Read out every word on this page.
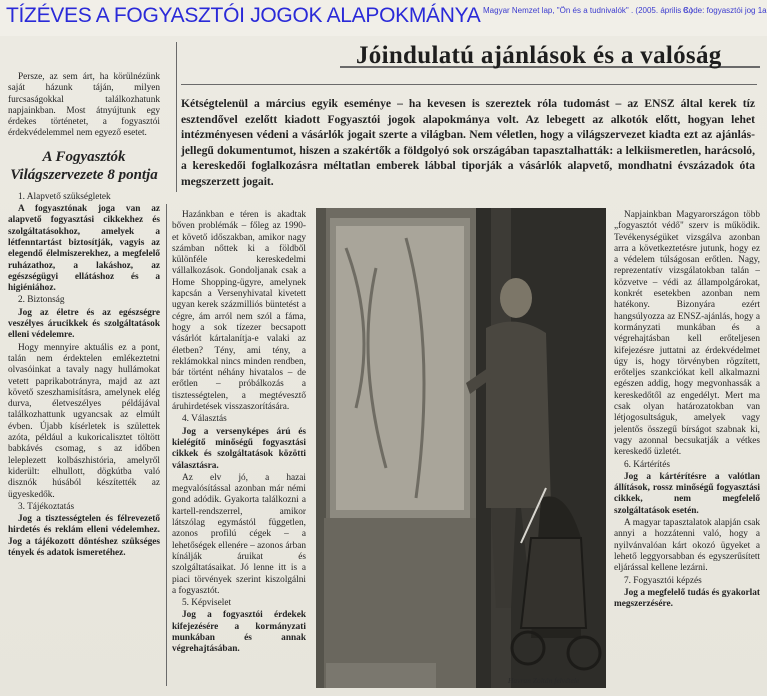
TÍZÉVES A FOGYASZTÓI JOGOK ALAPOKMÁNYA Magyar Nemzet lap, "Ön és a tudnivalók" . (2005. április 8.)
Code: fogyasztói jog 1a
Jóindulatú ajánlások és a valóság

Kétségtelenül a március egyik eseménye – ha kevesen is szereztek róla tudomást – az ENSZ által kerek tíz esztendővel ezelőtt kiadott Fogyasztói jogok alapokmánya volt. Az lebegett az alkotók előtt, hogyan lehet intézményesen védeni a vásárlók jogait szerte a világban. Nem véletlen, hogy a világszervezet kiadta ezt az ajánlás-jellegű dokumentumot, hiszen a szakértők a földgolyó sok országában tapasztalhatták: a lelkiismeretlen, harácsoló, a kereskedői foglalkozásra méltatlan emberek lábbal tiporják a vásárlók alapvető, mondhatni évszázadok óta megszerzett jogait.

Persze, az sem árt, ha körülnézünk saját házunk táján, milyen furcsaságokkal találkozhatunk napjainkban. Most átnyújtunk egy érdekes történetet, a fogyasztói érdekvédelemmel nem egyező esetet.

A Fogyasztók Világszervezete 8 pontja

1. Alapvető szükségletek

A fogyasztónak joga van az alapvető fogyasztási cikkekhez és szolgáltatásokhoz, amelyek a létfenntartást biztosítják, vagyis az elegendő élelmiszerekhez, a megfelelő ruházathoz, a lakáshoz, az egészségügyi ellátáshoz és a higiéniához.

2. Biztonság

Jog az életre és az egészségre veszélyes árucikkek és szolgáltatások elleni védelemre.

Hogy mennyire aktuális ez a pont, talán nem érdektelen emlékeztetni olvasóinkat a tavaly nagy hullámokat vetett paprikabotrányra, majd az azt követő szeszhamisításra, amelynek elég durva, életveszélyes példájával találkozhattunk ugyancsak az elmúlt évben. Újabb kísérletek is születtek azóta, például a kukoricalisztet töltött babkávés csomag, s az időben leleplezett kolbászhistória, amelyről kiderült: elhullott, dögkútba való disznók húsából készítették az ügyeskedők.

3. Tájékoztatás

Jog a tisztességtelen és félrevezető hirdetés és reklám elleni védelemhez. Jog a tájékozott döntéshez szükséges tények és adatok ismeretéhez.

Hazánkban e téren is akadtak bőven problémák – főleg az 1990-et követő időszakban, amikor nagy számban nőttek ki a földből különféle kereskedelmi vállalkozások. Gondoljanak csak a Home Shopping-ügyre, amelynek kapcsán a Versenyhivatal kivetett ugyan kerek százmilliós büntetést a cégre, ám arról nem szól a fáma, hogy a sok tízezer becsapott vásárlót kártalanítja-e valaki az életben? Tény, ami tény, a reklámokkal nincs minden rendben, bár történt néhány hivatalos – de erőtlen – próbálkozás a tisztességtelen, a megtévesztő áruhirdetések visszaszorítására.

4. Választás

Jog a versenyképes árú és kielégítő minőségű fogyasztási cikkek és szolgáltatások közötti választásra.

Az elv jó, a hazai megvalósítással azonban már némi gond adódik. Gyakorta találkozni a kartell-rendszerrel, amikor látszólag egymástól független, azonos profilú cégek – a lehetőségek ellenére – azonos árban kínálják áruikat és szolgáltatásaikat. Jó lenne itt is a piaci törvények szerint kiszolgálni a fogyasztót.

5. Képviselet

Jog a fogyasztói érdekek kifejezésére a kormányzati munkában és annak végrehajtásában.

Havran Zoltán felvétele

Napjainkban Magyarországon több „fogyasztót védő" szerv is működik. Tevékenységüket vizsgálva azonban arra a következtetésre jutunk, hogy ez a védelem túlságosan erőtlen. Nagy, reprezentatív vizsgálatokban talán – közvetve – védi az állampolgárokat, konkrét esetekben azonban nem hatékony. Bizonyára ezért hangsúlyozza az ENSZ-ajánlás, hogy a kormányzati munkában és a végrehajtásban kell erőteljesen kifejezésre juttatni az érdekvédelmet úgy is, hogy törvényben rögzített, erőteljes szankciókat kell alkalmazni egészen addig, hogy megvonhassák a kereskedőtől az engedélyt. Mert ma csak olyan határozatokban van létjogosultságuk, amelyek vagy jelentős összegű bírságot szabnak ki, vagy azonnal becsukatják a vétkes kereskedő üzletét.

6. Kártérítés

Jog a kártérítésre a valótlan állítások, rossz minőségű fogyasztási cikkek, nem megfelelő szolgáltatások esetén.

A magyar tapasztalatok alapján csak annyi a hozzátenni való, hogy a nyilvánvalóan kárt okozó ügyeket a lehető leggyorsabban és egyszerűsített eljárással kellene lezárni.

7. Fogyasztói képzés

Jog a megfelelő tudás és gyakorlat megszerzésére.
